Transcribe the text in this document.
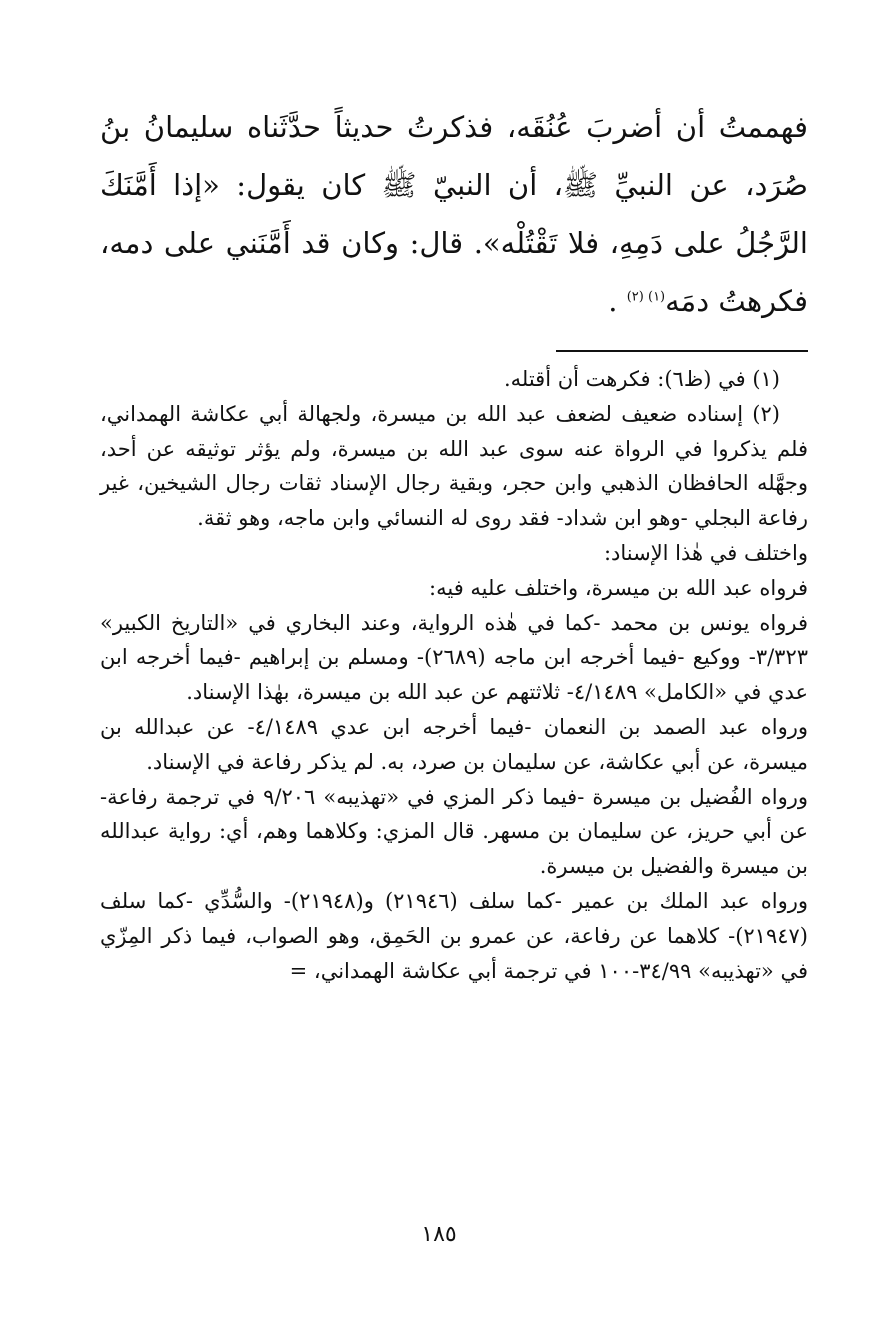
فهممتُ أن أضربَ عُنُقَه، فذكرتُ حديثاً حدَّثَناه سليمانُ بنُ صُرَد، عن النبيِّ ﷺ، أن النبيّ ﷺ كان يقول: «إذا أَمَّنَكَ الرَّجُلُ على دَمِهِ، فلا تَقْتُلْه». قال: وكان قد أَمَّنَني على دمه، فكرهتُ دمَه$^{(١) (٢)}$ .

(١) في (ظ٦): فكرهت أن أقتله.

(٢) إسناده ضعيف لضعف عبد الله بن ميسرة، ولجهالة أبي عكاشة الهمداني، فلم يذكروا في الرواة عنه سوى عبد الله بن ميسرة، ولم يؤثر توثيقه عن أحد، وجهَّله الحافظان الذهبي وابن حجر، وبقية رجال الإسناد ثقات رجال الشيخين، غير رفاعة البجلي -وهو ابن شداد- فقد روى له النسائي وابن ماجه، وهو ثقة.

واختلف في هٰذا الإسناد:

فرواه عبد الله بن ميسرة، واختلف عليه فيه:

فرواه يونس بن محمد -كما في هٰذه الرواية، وعند البخاري في «التاريخ الكبير» ٣/٣٢٣- ووكيع -فيما أخرجه ابن ماجه (٢٦٨٩)- ومسلم بن إبراهيم -فيما أخرجه ابن عدي في «الكامل» ٤/١٤٨٩- ثلاثتهم عن عبد الله بن ميسرة، بهٰذا الإسناد.

ورواه عبد الصمد بن النعمان -فيما أخرجه ابن عدي ٤/١٤٨٩- عن عبدالله بن ميسرة، عن أبي عكاشة، عن سليمان بن صرد، به. لم يذكر رفاعة في الإسناد.

ورواه الفُضيل بن ميسرة -فيما ذكر المزي في «تهذيبه» ٩/٢٠٦ في ترجمة رفاعة- عن أبي حريز، عن سليمان بن مسهر. قال المزي: وكلاهما وهم، أي: رواية عبدالله بن ميسرة والفضيل بن ميسرة.

ورواه عبد الملك بن عمير -كما سلف (٢١٩٤٦) و(٢١٩٤٨)- والسُّدِّي -كما سلف (٢١٩٤٧)- كلاهما عن رفاعة، عن عمرو بن الحَمِق، وهو الصواب، فيما ذكر المِزّي في «تهذيبه» ٣٤/٩٩-١٠٠ في ترجمة أبي عكاشة الهمداني، =

١٨٥
